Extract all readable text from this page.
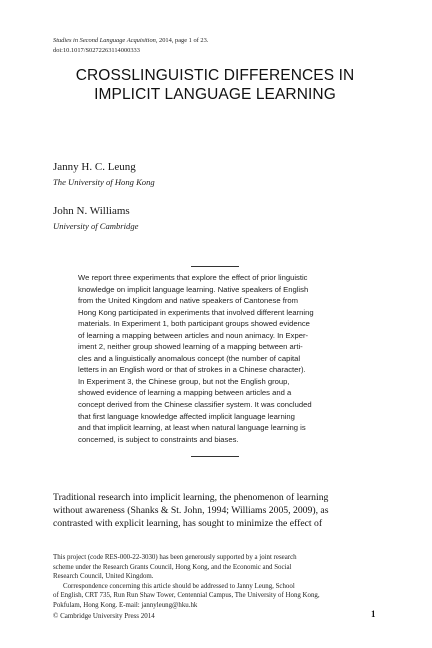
Studies in Second Language Acquisition, 2014, page 1 of 23.
doi:10.1017/S0272263114000333
CROSSLINGUISTIC DIFFERENCES IN
IMPLICIT LANGUAGE LEARNING
Janny H. C. Leung
The University of Hong Kong
John N. Williams
University of Cambridge
We report three experiments that explore the effect of prior linguistic
knowledge on implicit language learning. Native speakers of English
from the United Kingdom and native speakers of Cantonese from
Hong Kong participated in experiments that involved different learning
materials. In Experiment 1, both participant groups showed evidence
of learning a mapping between articles and noun animacy. In Exper-
iment 2, neither group showed learning of a mapping between arti-
cles and a linguistically anomalous concept (the number of capital
letters in an English word or that of strokes in a Chinese character).
In Experiment 3, the Chinese group, but not the English group,
showed evidence of learning a mapping between articles and a
concept derived from the Chinese classifier system. It was concluded
that first language knowledge affected implicit language learning
and that implicit learning, at least when natural language learning is
concerned, is subject to constraints and biases.
Traditional research into implicit learning, the phenomenon of learning
without awareness (Shanks & St. John, 1994; Williams 2005, 2009), as
contrasted with explicit learning, has sought to minimize the effect of
This project (code RES-000-22-3030) has been generously supported by a joint research
scheme under the Research Grants Council, Hong Kong, and the Economic and Social
Research Council, United Kingdom.
Correspondence concerning this article should be addressed to Janny Leung, School
of English, CRT 735, Run Run Shaw Tower, Centennial Campus, The University of Hong Kong,
Pokfulam, Hong Kong. E-mail: jannyleung@hku.hk
© Cambridge University Press 2014	1
